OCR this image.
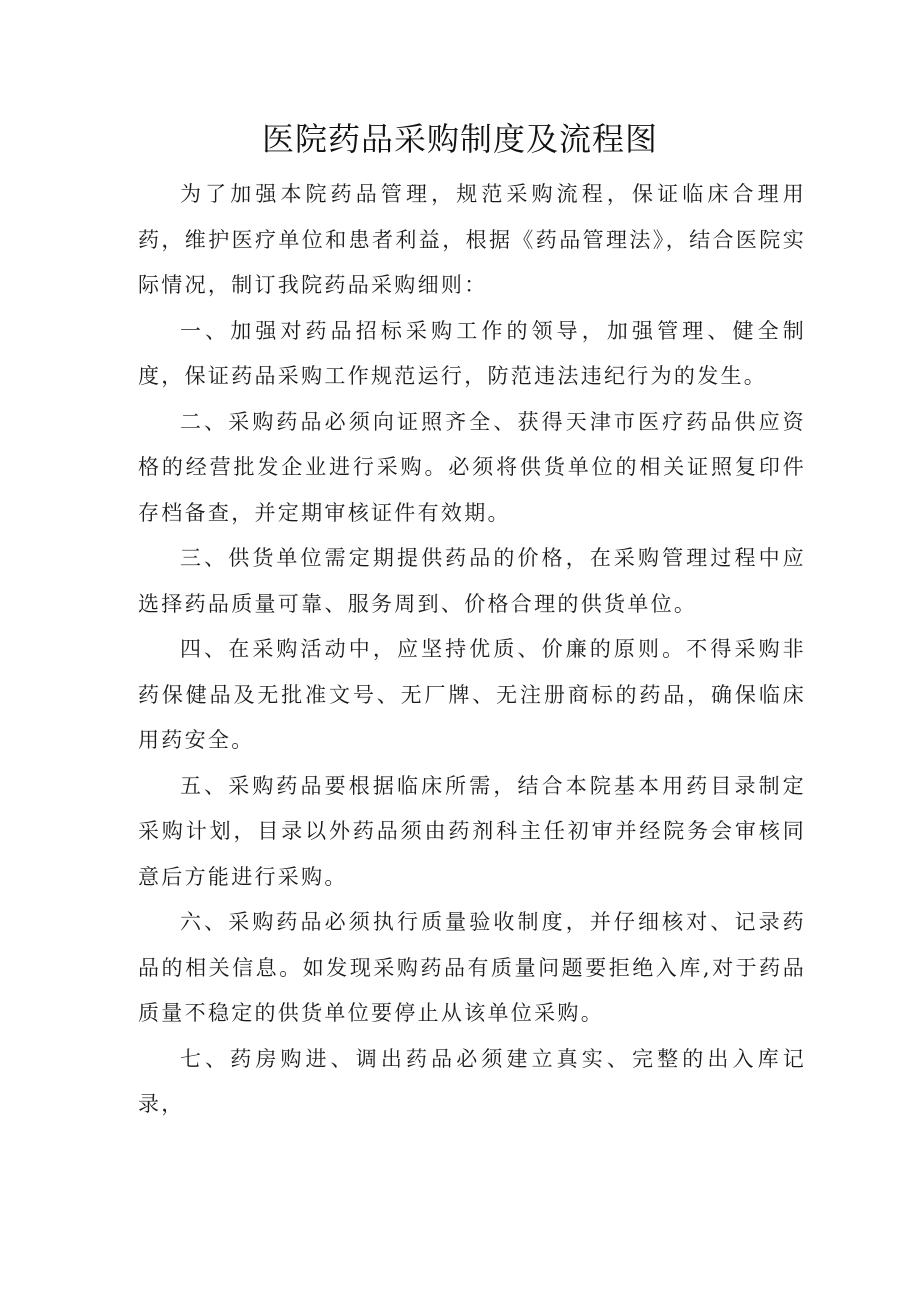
医院药品采购制度及流程图

为了加强本院药品管理，规范采购流程，保证临床合理用药，维护医疗单位和患者利益，根据《药品管理法》，结合医院实际情况，制订我院药品采购细则：

一、加强对药品招标采购工作的领导，加强管理、健全制度，保证药品采购工作规范运行，防范违法违纪行为的发生。

二、采购药品必须向证照齐全、获得天津市医疗药品供应资格的经营批发企业进行采购。必须将供货单位的相关证照复印件存档备查，并定期审核证件有效期。

三、供货单位需定期提供药品的价格，在采购管理过程中应选择药品质量可靠、服务周到、价格合理的供货单位。

四、在采购活动中，应坚持优质、价廉的原则。不得采购非药保健品及无批准文号、无厂牌、无注册商标的药品，确保临床用药安全。

五、采购药品要根据临床所需，结合本院基本用药目录制定采购计划，目录以外药品须由药剂科主任初审并经院务会审核同意后方能进行采购。

六、采购药品必须执行质量验收制度，并仔细核对、记录药品的相关信息。如发现采购药品有质量问题要拒绝入库,对于药品质量不稳定的供货单位要停止从该单位采购。

七、药房购进、调出药品必须建立真实、完整的出入库记录，
